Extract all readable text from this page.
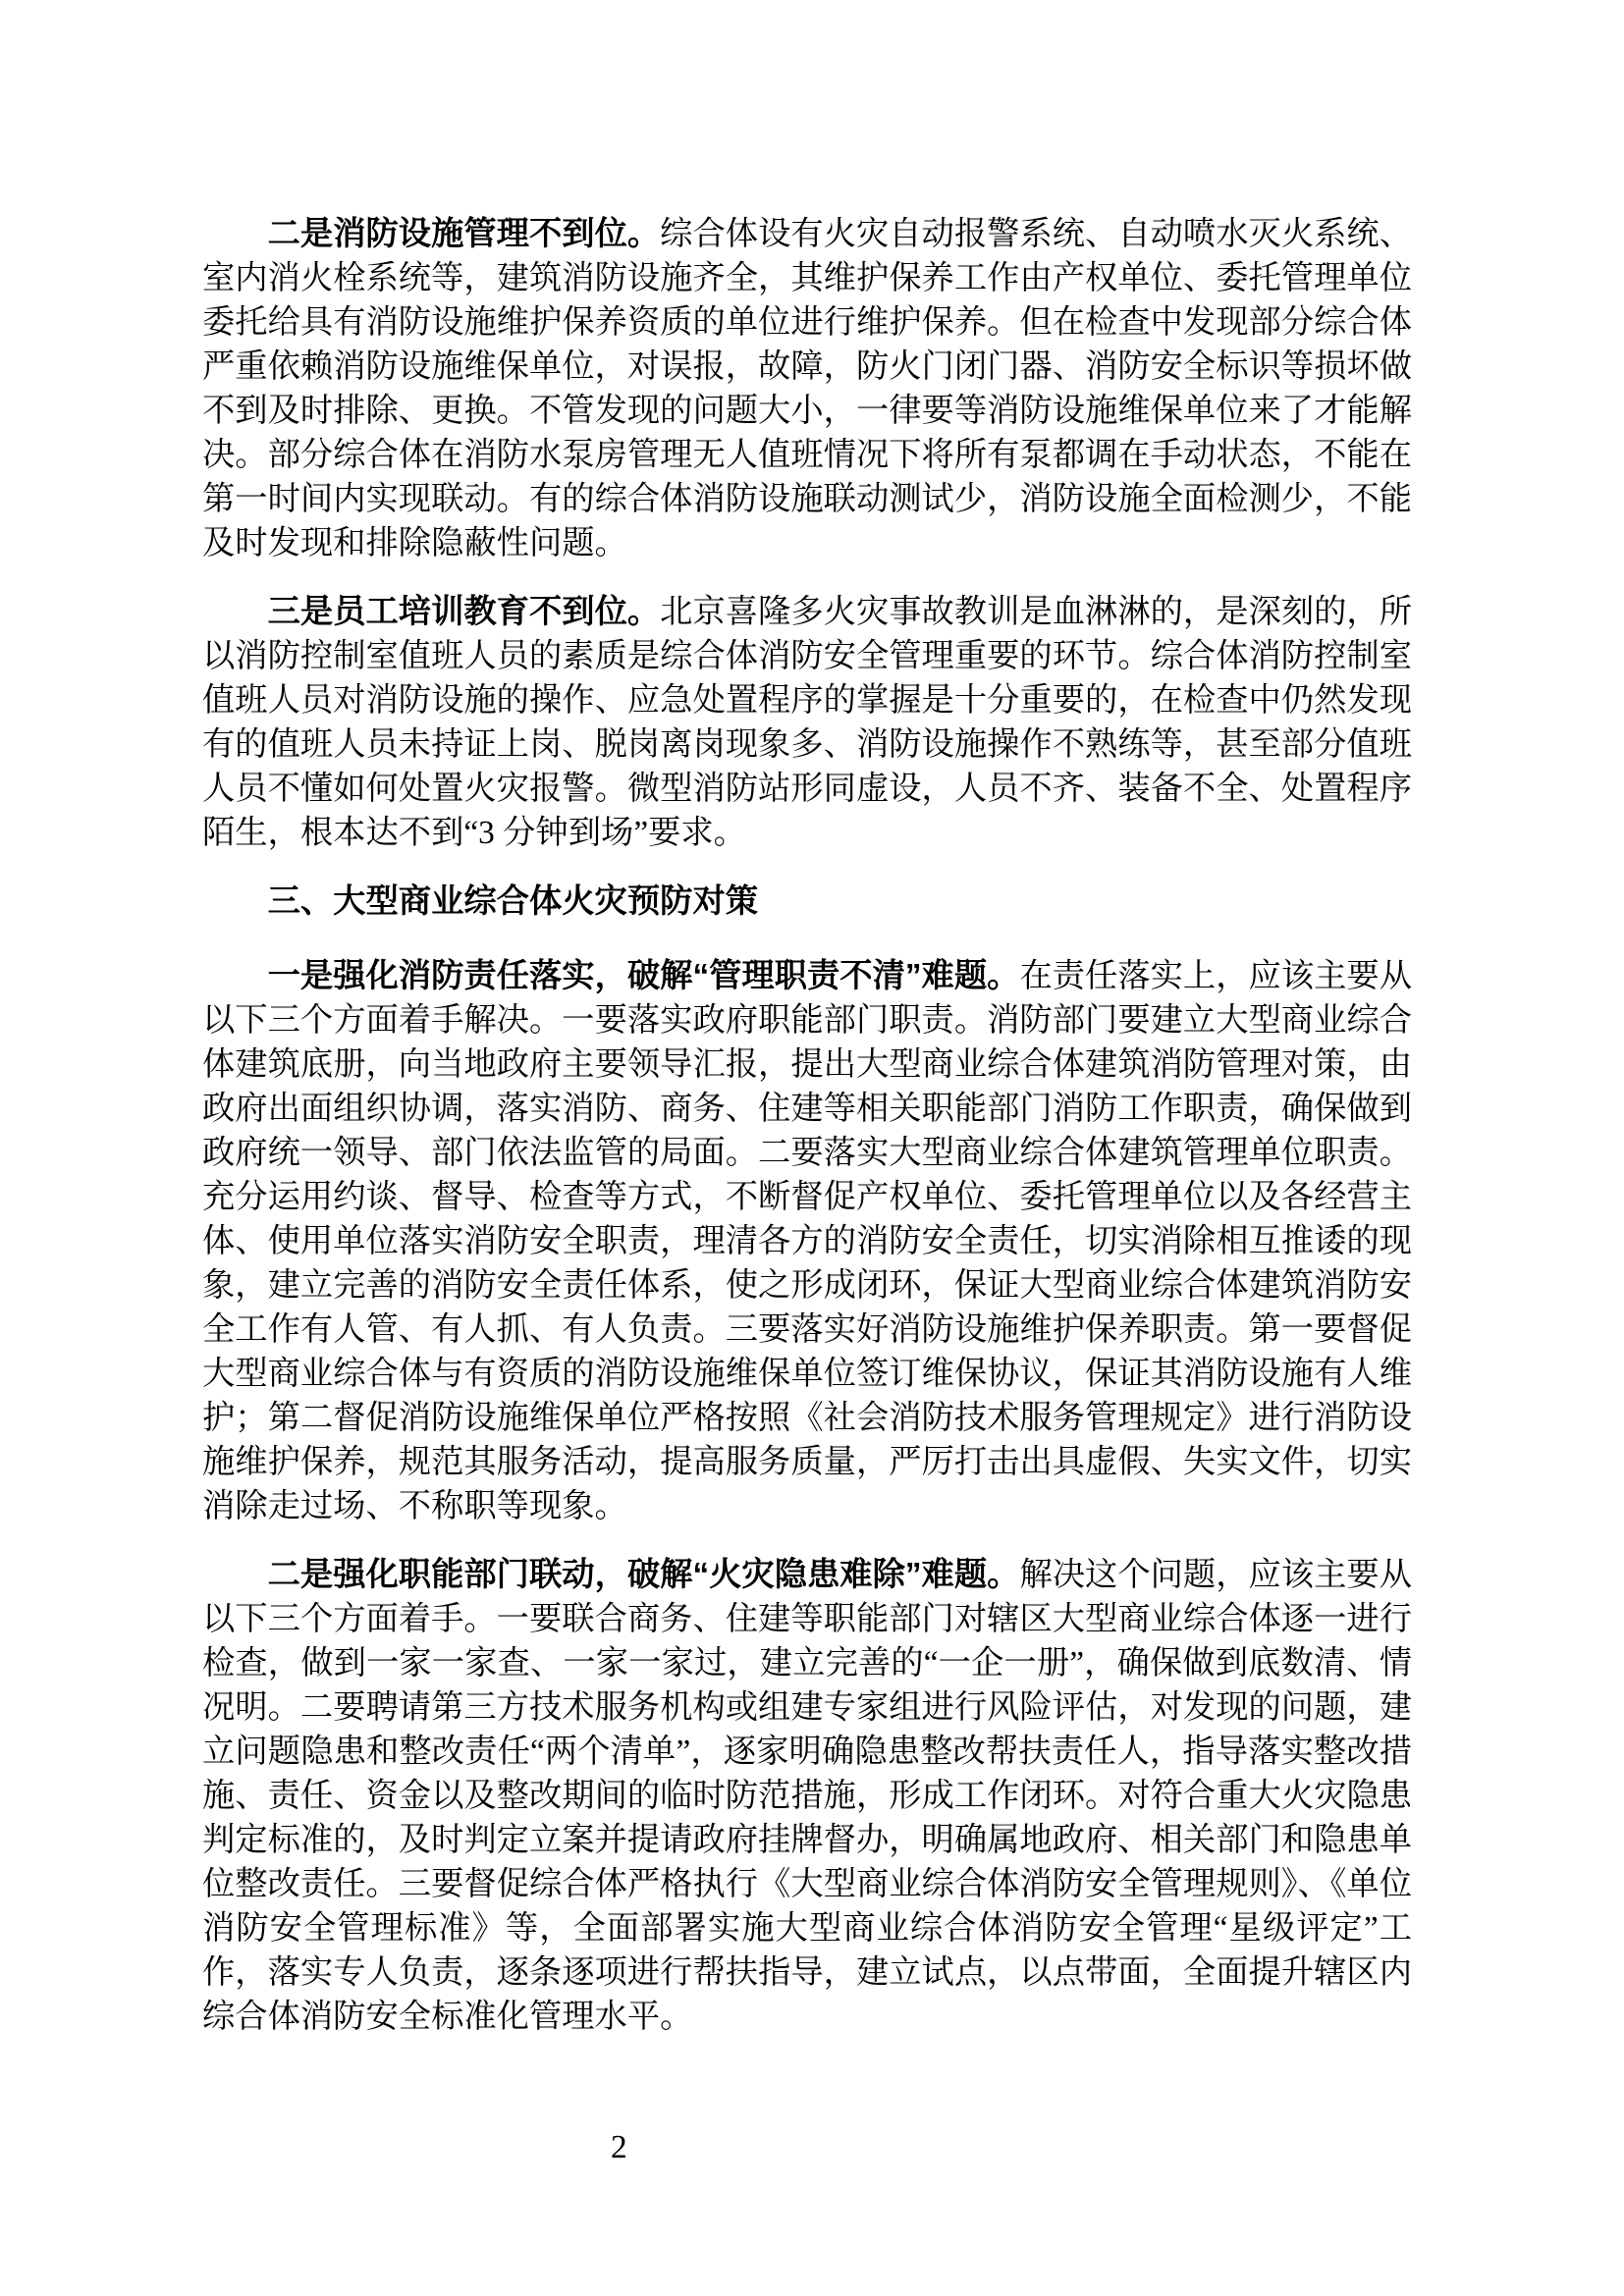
二是消防设施管理不到位。综合体设有火灾自动报警系统、自动喷水灭火系统、室内消火栓系统等，建筑消防设施齐全，其维护保养工作由产权单位、委托管理单位委托给具有消防设施维护保养资质的单位进行维护保养。但在检查中发现部分综合体严重依赖消防设施维保单位，对误报，故障，防火门闭门器、消防安全标识等损坏做不到及时排除、更换。不管发现的问题大小，一律要等消防设施维保单位来了才能解决。部分综合体在消防水泵房管理无人值班情况下将所有泵都调在手动状态，不能在第一时间内实现联动。有的综合体消防设施联动测试少，消防设施全面检测少，不能及时发现和排除隐蔽性问题。

三是员工培训教育不到位。北京喜隆多火灾事故教训是血淋淋的，是深刻的，所以消防控制室值班人员的素质是综合体消防安全管理重要的环节。综合体消防控制室值班人员对消防设施的操作、应急处置程序的掌握是十分重要的，在检查中仍然发现有的值班人员未持证上岗、脱岗离岗现象多、消防设施操作不熟练等，甚至部分值班人员不懂如何处置火灾报警。微型消防站形同虚设，人员不齐、装备不全、处置程序陌生，根本达不到“3 分钟到场”要求。

三、大型商业综合体火灾预防对策

一是强化消防责任落实，破解“管理职责不清”难题。在责任落实上，应该主要从以下三个方面着手解决。一要落实政府职能部门职责。消防部门要建立大型商业综合体建筑底册，向当地政府主要领导汇报，提出大型商业综合体建筑消防管理对策，由政府出面组织协调，落实消防、商务、住建等相关职能部门消防工作职责，确保做到政府统一领导、部门依法监管的局面。二要落实大型商业综合体建筑管理单位职责。充分运用约谈、督导、检查等方式，不断督促产权单位、委托管理单位以及各经营主体、使用单位落实消防安全职责，理清各方的消防安全责任，切实消除相互推诿的现象，建立完善的消防安全责任体系，使之形成闭环，保证大型商业综合体建筑消防安全工作有人管、有人抓、有人负责。三要落实好消防设施维护保养职责。第一要督促大型商业综合体与有资质的消防设施维保单位签订维保协议，保证其消防设施有人维护；第二督促消防设施维保单位严格按照《社会消防技术服务管理规定》进行消防设施维护保养，规范其服务活动，提高服务质量，严厉打击出具虚假、失实文件，切实消除走过场、不称职等现象。

二是强化职能部门联动，破解“火灾隐患难除”难题。解决这个问题，应该主要从以下三个方面着手。一要联合商务、住建等职能部门对辖区大型商业综合体逐一进行检查，做到一家一家查、一家一家过，建立完善的“一企一册”，确保做到底数清、情况明。二要聘请第三方技术服务机构或组建专家组进行风险评估，对发现的问题，建立问题隐患和整改责任“两个清单”，逐家明确隐患整改帮扶责任人，指导落实整改措施、责任、资金以及整改期间的临时防范措施，形成工作闭环。对符合重大火灾隐患判定标准的，及时判定立案并提请政府挂牌督办，明确属地政府、相关部门和隐患单位整改责任。三要督促综合体严格执行《大型商业综合体消防安全管理规则》、《单位消防安全管理标准》等，全面部署实施大型商业综合体消防安全管理“星级评定”工作，落实专人负责，逐条逐项进行帮扶指导，建立试点，以点带面，全面提升辖区内综合体消防安全标准化管理水平。

2
